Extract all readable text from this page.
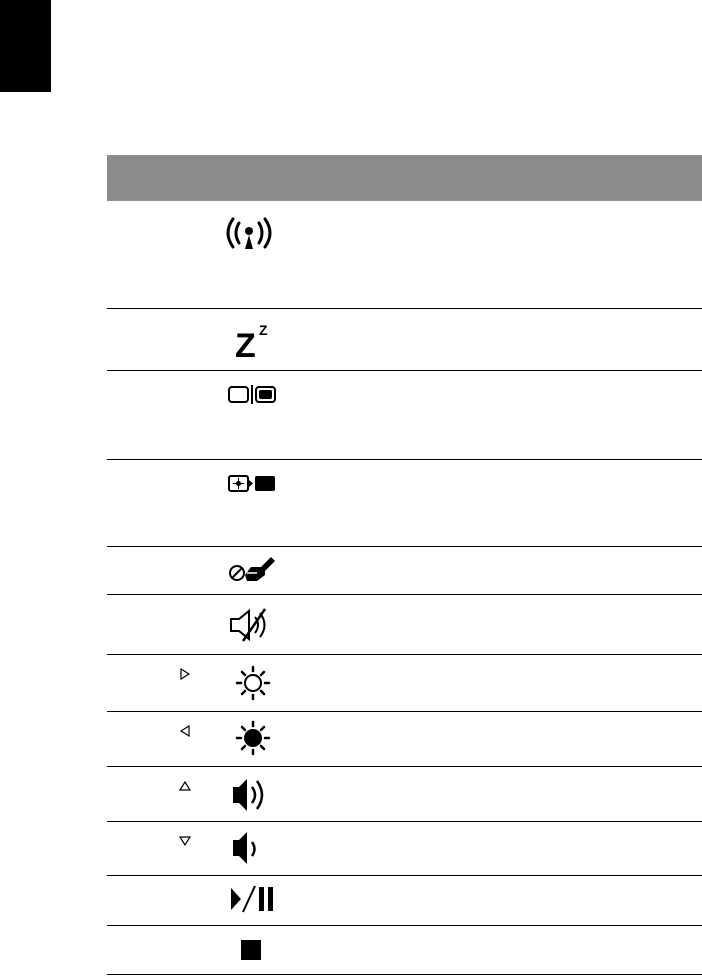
Z Z
